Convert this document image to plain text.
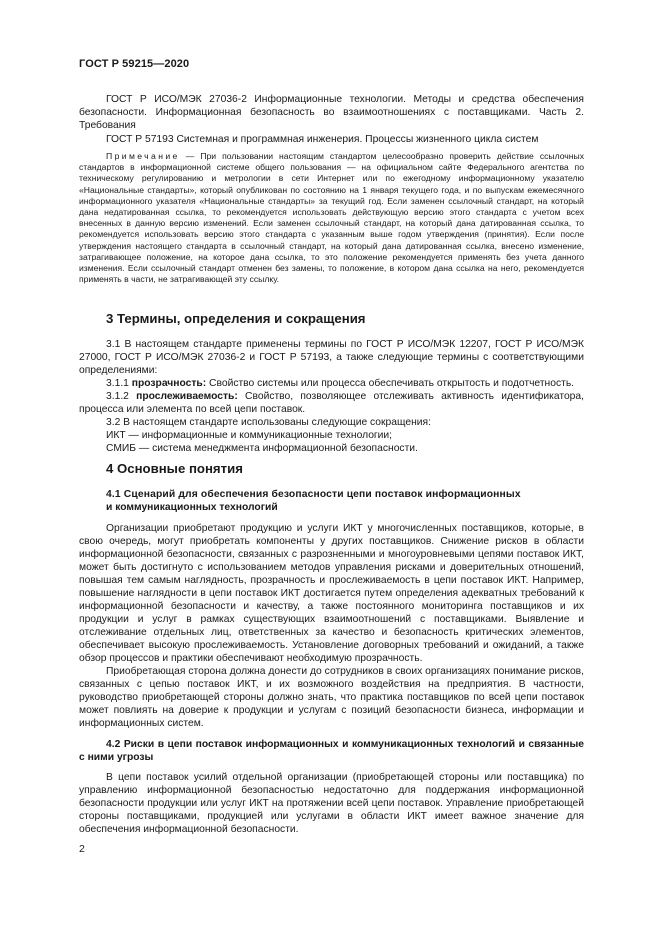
ГОСТ Р 59215—2020

ГОСТ Р ИСО/МЭК 27036-2 Информационные технологии. Методы и средства обеспечения безопасности. Информационная безопасность во взаимоотношениях с поставщиками. Часть 2. Требования

ГОСТ Р 57193 Системная и программная инженерия. Процессы жизненного цикла систем

Примечание — При пользовании настоящим стандартом целесообразно проверить действие ссылочных стандартов в информационной системе общего пользования — на официальном сайте Федерального агентства по техническому регулированию и метрологии в сети Интернет или по ежегодному информационному указателю «Национальные стандарты», который опубликован по состоянию на 1 января текущего года, и по выпускам ежемесячного информационного указателя «Национальные стандарты» за текущий год. Если заменен ссылочный стандарт, на который дана недатированная ссылка, то рекомендуется использовать действующую версию этого стандарта с учетом всех внесенных в данную версию изменений. Если заменен ссылочный стандарт, на который дана датированная ссылка, то рекомендуется использовать версию этого стандарта с указанным выше годом утверждения (принятия). Если после утверждения настоящего стандарта в ссылочный стандарт, на который дана датированная ссылка, внесено изменение, затрагивающее положение, на которое дана ссылка, то это положение рекомендуется применять без учета данного изменения. Если ссылочный стандарт отменен без замены, то положение, в котором дана ссылка на него, рекомендуется применять в части, не затрагивающей эту ссылку.

3 Термины, определения и сокращения

3.1 В настоящем стандарте применены термины по ГОСТ Р ИСО/МЭК 12207, ГОСТ Р ИСО/МЭК 27000, ГОСТ Р ИСО/МЭК 27036-2 и ГОСТ Р 57193, а также следующие термины с соответствующими определениями:

3.1.1 прозрачность: Свойство системы или процесса обеспечивать открытость и подотчетность.

3.1.2 прослеживаемость: Свойство, позволяющее отслеживать активность идентификатора, процесса или элемента по всей цепи поставок.

3.2 В настоящем стандарте использованы следующие сокращения:

ИКТ — информационные и коммуникационные технологии;

СМИБ — система менеджмента информационной безопасности.

4 Основные понятия
4.1 Сценарий для обеспечения безопасности цепи поставок информационных
и коммуникационных технологий

Организации приобретают продукцию и услуги ИКТ у многочисленных поставщиков, которые, в свою очередь, могут приобретать компоненты у других поставщиков. Снижение рисков в области информационной безопасности, связанных с разрозненными и многоуровневыми цепями поставок ИКТ, может быть достигнуто с использованием методов управления рисками и доверительных отношений, повышая тем самым наглядность, прозрачность и прослеживаемость в цепи поставок ИКТ. Например, повышение наглядности в цепи поставок ИКТ достигается путем определения адекватных требований к информационной безопасности и качеству, а также постоянного мониторинга поставщиков и их продукции и услуг в рамках существующих взаимоотношений с поставщиками. Выявление и отслеживание отдельных лиц, ответственных за качество и безопасность критических элементов, обеспечивает высокую прослеживаемость. Установление договорных требований и ожиданий, а также обзор процессов и практики обеспечивают необходимую прозрачность.

Приобретающая сторона должна донести до сотрудников в своих организациях понимание рисков, связанных с цепью поставок ИКТ, и их возможного воздействия на предприятия. В частности, руководство приобретающей стороны должно знать, что практика поставщиков по всей цепи поставок может повлиять на доверие к продукции и услугам с позиций безопасности бизнеса, информации и информационных систем.

4.2 Риски в цепи поставок информационных и коммуникационных технологий и связанные с ними угрозы

В цепи поставок усилий отдельной организации (приобретающей стороны или поставщика) по управлению информационной безопасностью недостаточно для поддержания информационной безопасности продукции или услуг ИКТ на протяжении всей цепи поставок. Управление приобретающей стороны поставщиками, продукцией или услугами в области ИКТ имеет важное значение для обеспечения информационной безопасности.

2
